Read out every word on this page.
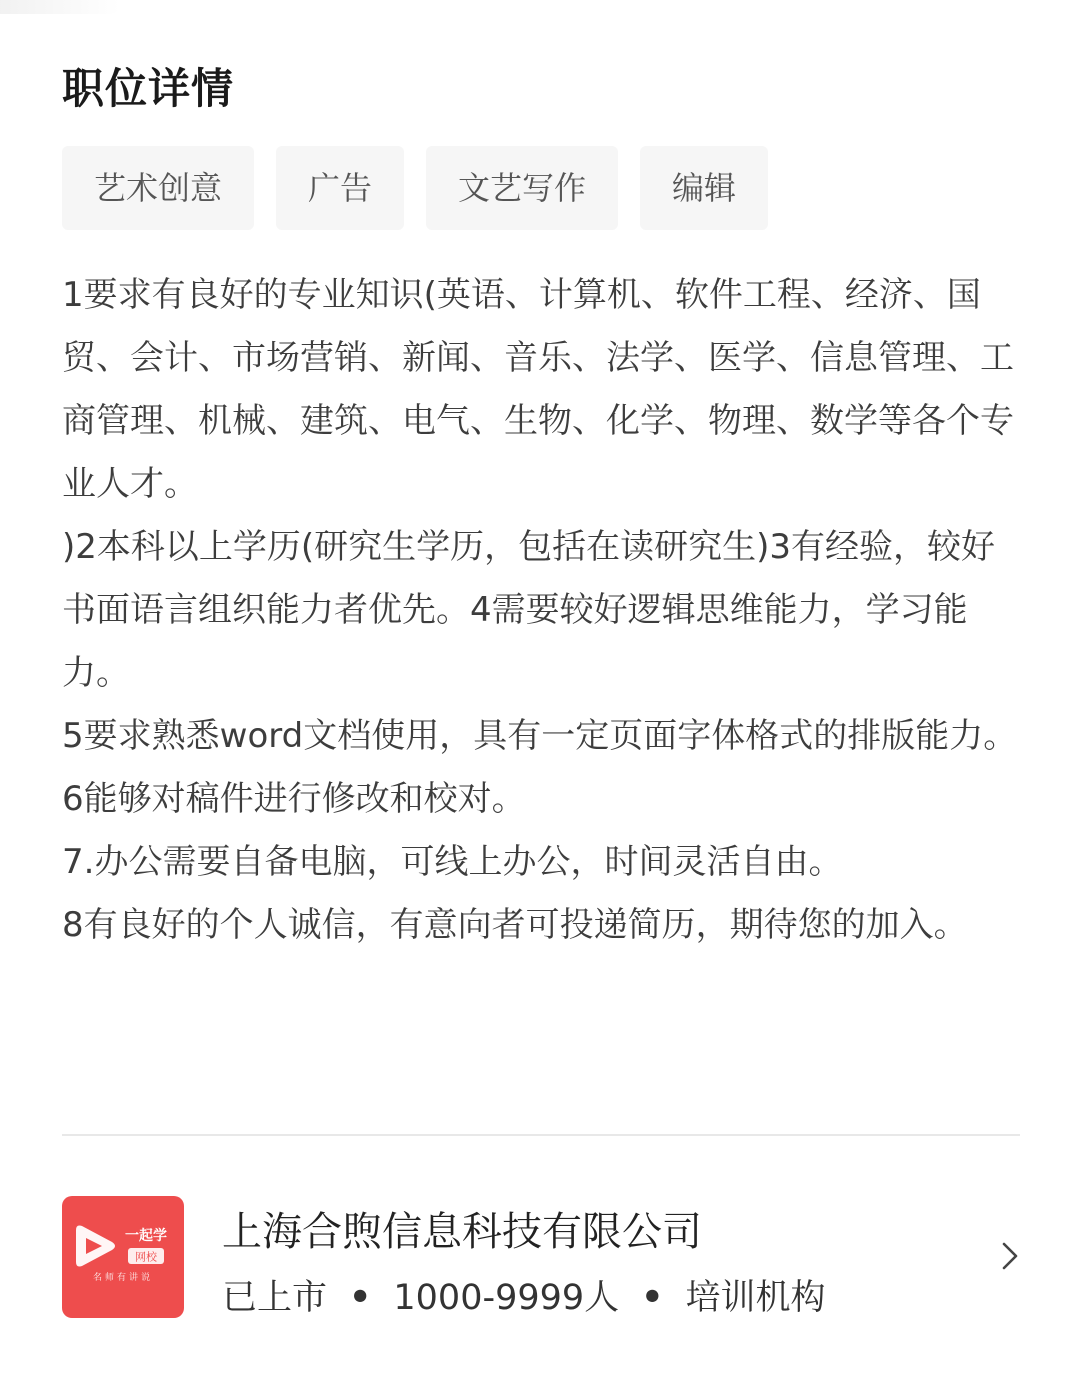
职位详情
艺术创意	广告	文艺写作	编辑

1要求有良好的专业知识(英语、计算机、软件工程、经济、国贸、会计、市场营销、新闻、音乐、法学、医学、信息管理、工商管理、机械、建筑、电气、生物、化学、物理、数学等各个专业人才。

)2本科以上学历(研究生学历，包括在读研究生)3有经验，较好书面语言组织能力者优先。4需要较好逻辑思维能力，学习能力。

5要求熟悉word文档使用，具有一定页面字体格式的排版能力。

6能够对稿件进行修改和校对。

7.办公需要自备电脑，可线上办公，时间灵活自由。

8有良好的个人诚信，有意向者可投递简历，期待您的加入。

一起学
网校
名师有讲说
上海合煦信息科技有限公司
已上市 • 1000-9999人 • 培训机构
